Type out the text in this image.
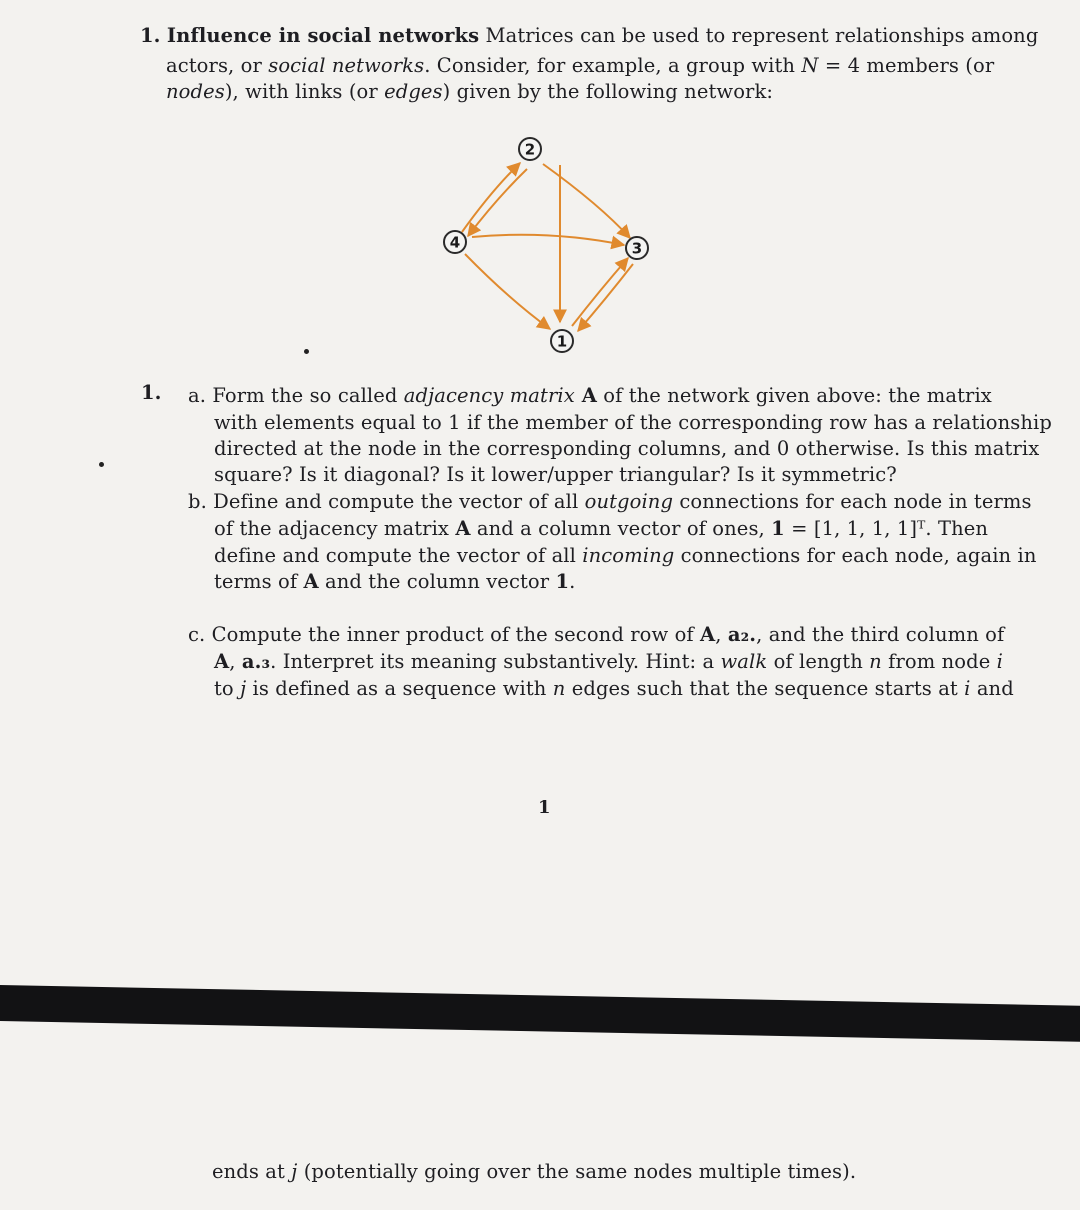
1. Influence in social networks Matrices can be used to represent relationships among
actors, or social networks. Consider, for example, a group with N = 4 members (or
nodes), with links (or edges) given by the following network:
2
4	3
1
1. a. Form the so called adjacency matrix A of the network given above: the matrix
with elements equal to 1 if the member of the corresponding row has a relationship
directed at the node in the corresponding columns, and 0 otherwise. Is this matrix
square? Is it diagonal? Is it lower/upper triangular? Is it symmetric?
b. Define and compute the vector of all outgoing connections for each node in terms
of the adjacency matrix A and a column vector of ones, 1 = [1, 1, 1, 1]ᵀ. Then
define and compute the vector of all incoming connections for each node, again in
terms of A and the column vector 1.
c. Compute the inner product of the second row of A, a₂., and the third column of
A, a.₃. Interpret its meaning substantively. Hint: a walk of length n from node i
to j is defined as a sequence with n edges such that the sequence starts at i and
1
ends at j (potentially going over the same nodes multiple times).
